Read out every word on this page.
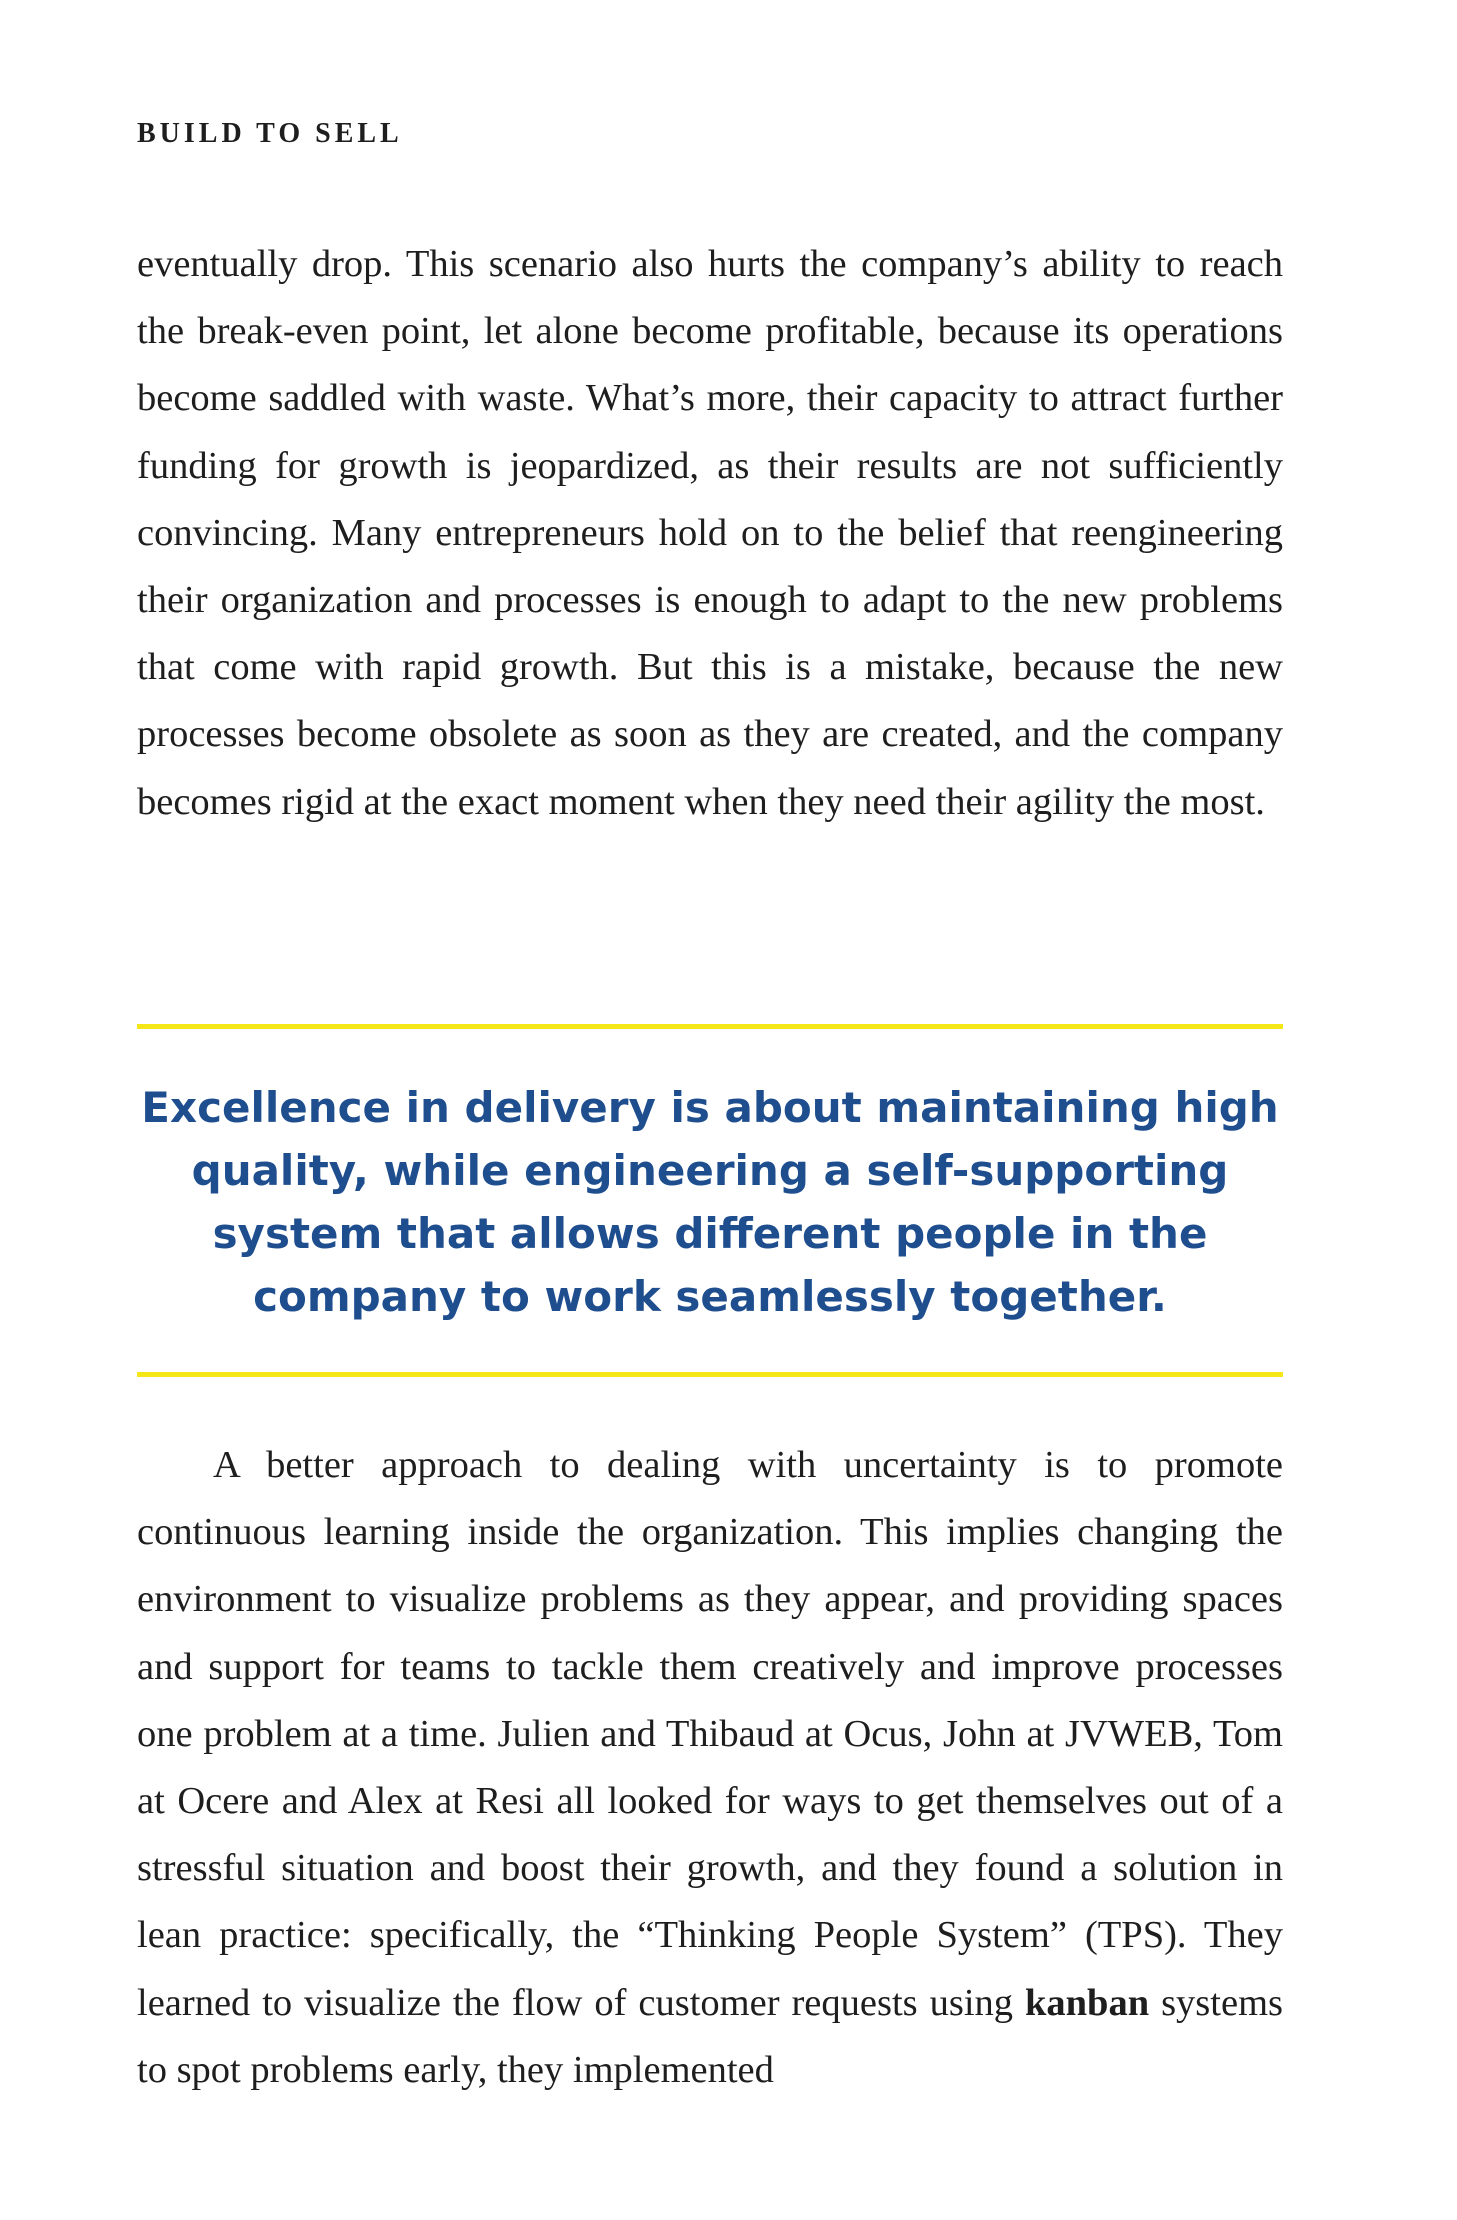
BUILD TO SELL

eventually drop. This scenario also hurts the company’s ability to reach the break-even point, let alone become profitable, because its operations become saddled with waste. What’s more, their capacity to attract further funding for growth is jeopardized, as their results are not sufficiently convincing. Many entrepreneurs hold on to the belief that reengineering their organization and processes is enough to adapt to the new problems that come with rapid growth. But this is a mistake, because the new processes become obsolete as soon as they are created, and the company becomes rigid at the exact moment when they need their agility the most.

Excellence in delivery is about maintaining high quality, while engineering a self-supporting system that allows different people in the company to work seamlessly together.

A better approach to dealing with uncertainty is to promote continuous learning inside the organization. This implies changing the environment to visualize problems as they appear, and providing spaces and support for teams to tackle them creatively and improve processes one problem at a time. Julien and Thibaud at Ocus, John at JVWEB, Tom at Ocere and Alex at Resi all looked for ways to get themselves out of a stressful situation and boost their growth, and they found a solution in lean practice: specifically, the “Thinking People System” (TPS). They learned to visualize the flow of customer requests using kanban systems to spot problems early, they implemented
